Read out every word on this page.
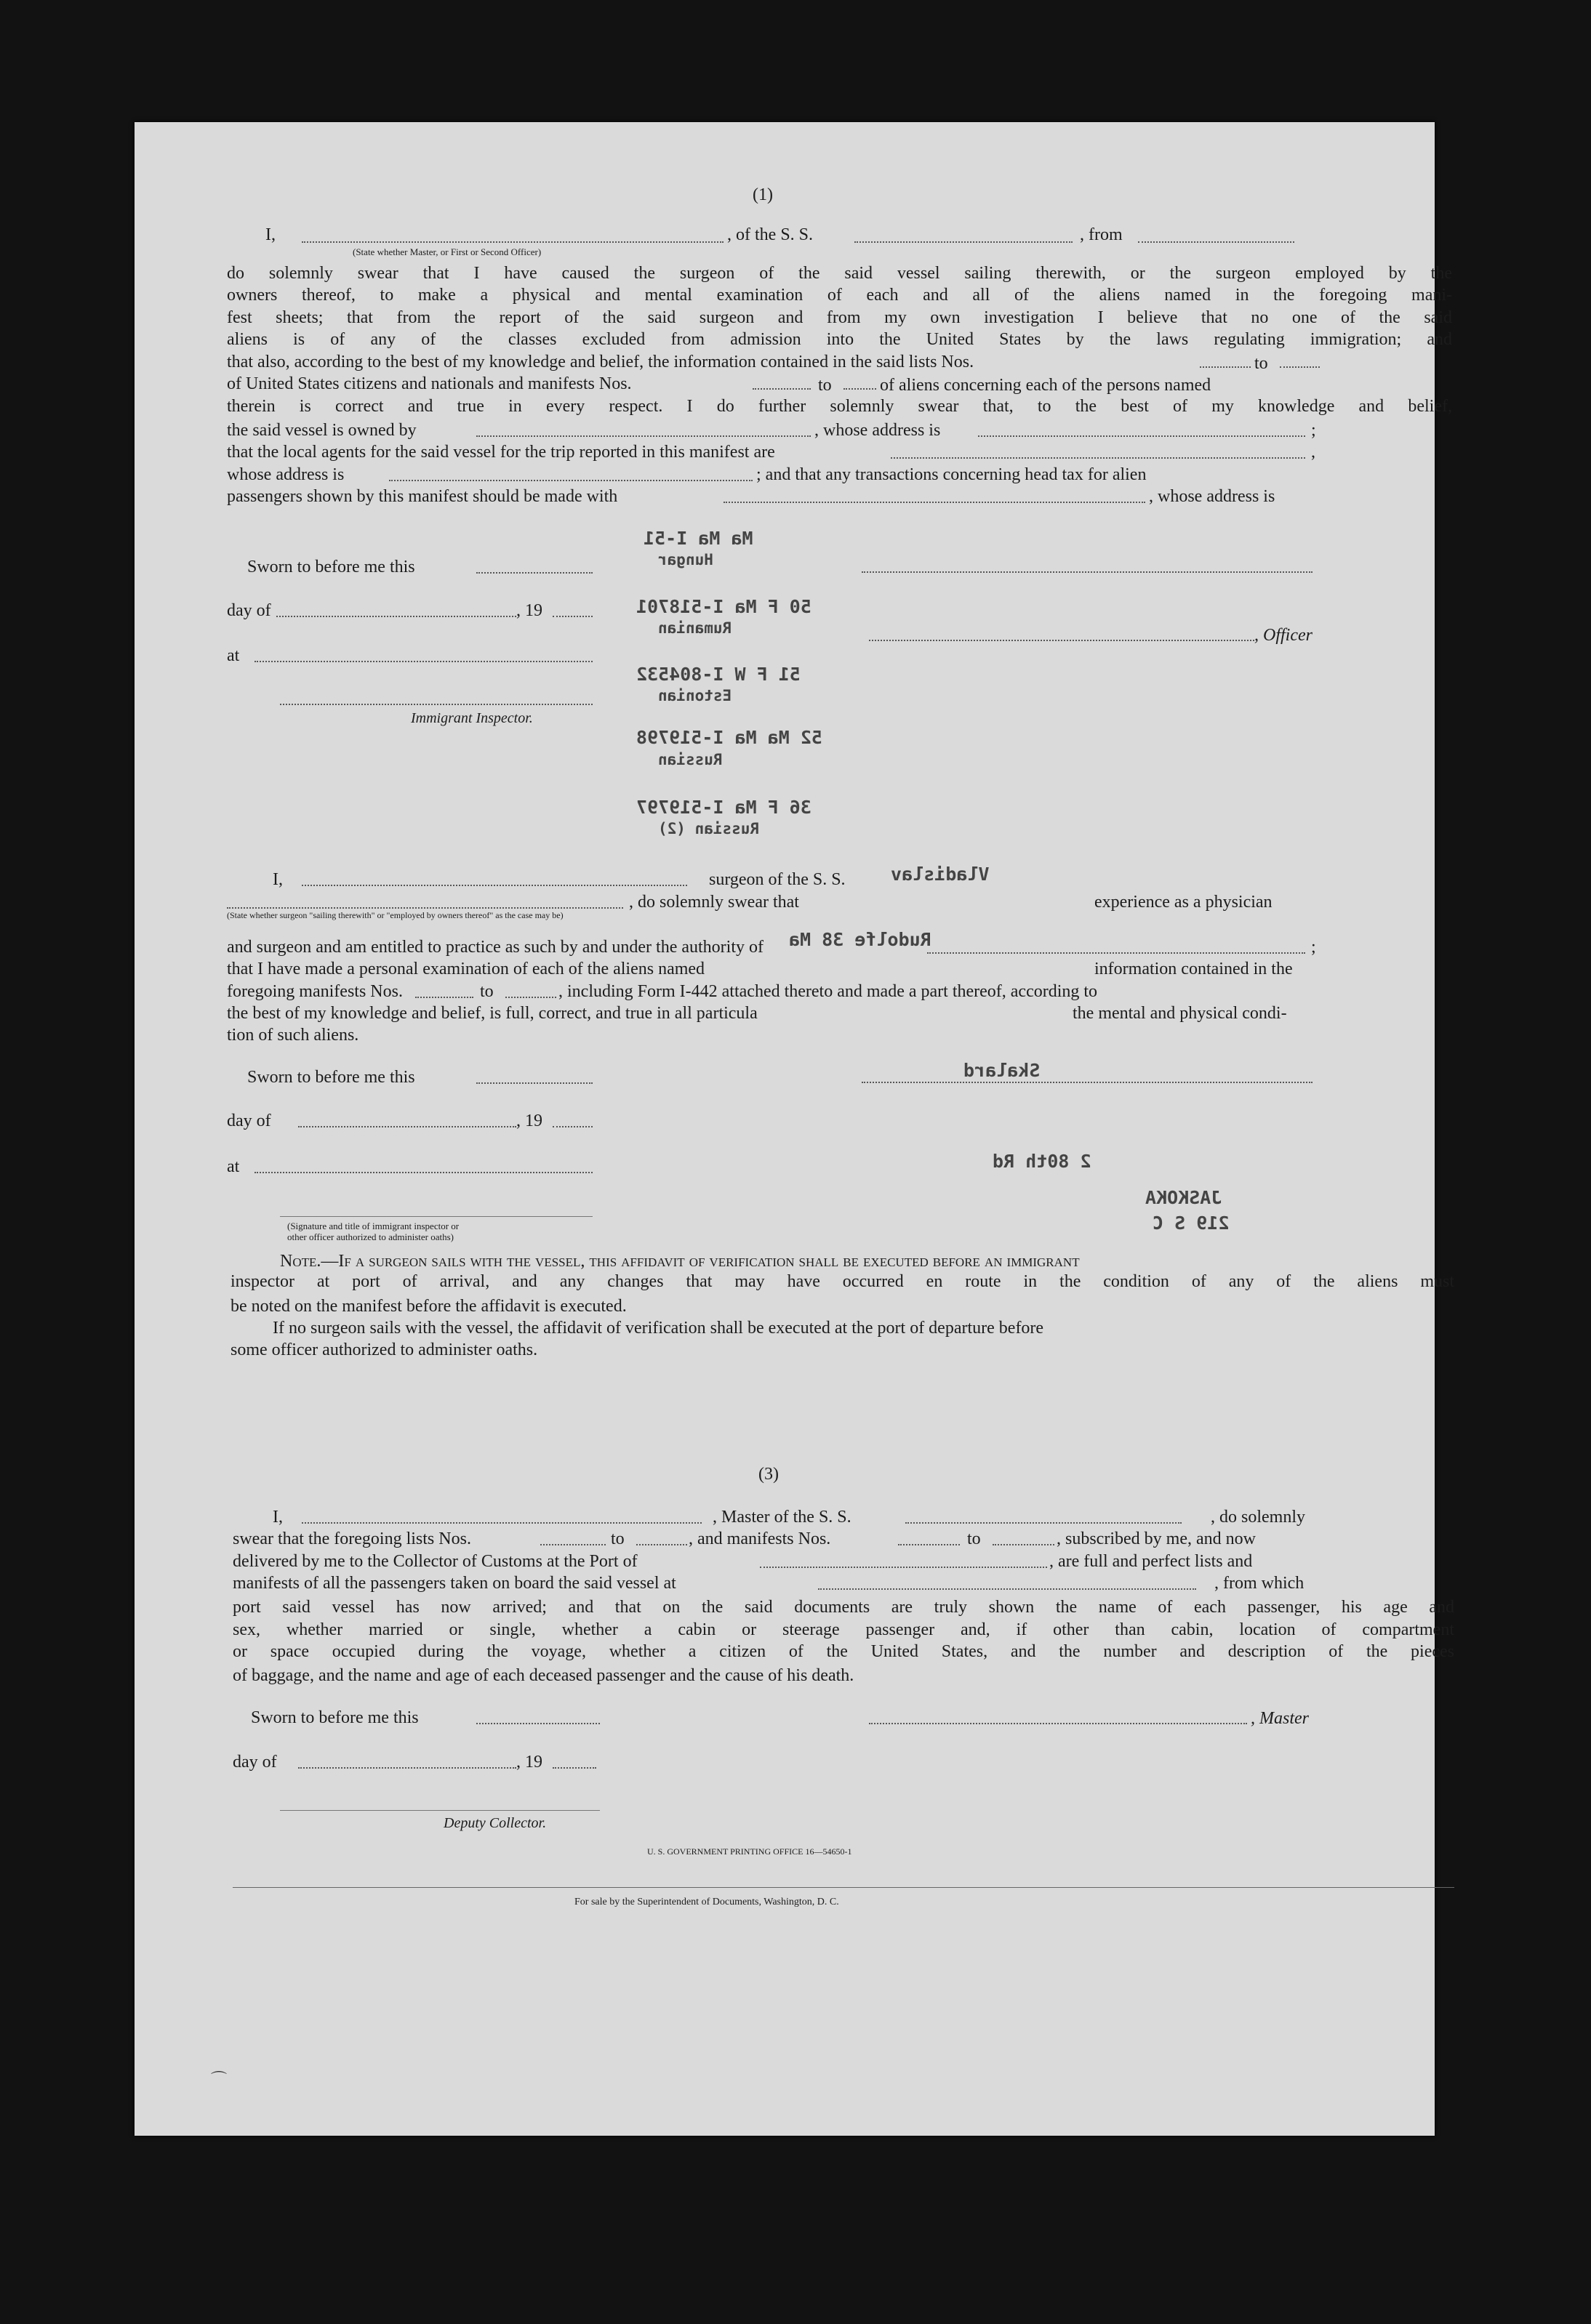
Ma Ma I-51
Hungar
50 F Ma I-518701
Rumanian
51 F W I-804532
Estonian
52 Ma Ma I-519798
Russian
36 F Ma I-519797
Russian (2)
Vladislav
Rudolfe 38 Ma
Skalard
2 80th Rd
JASKOKA
219 S C
(1)
I,	, of the S. S.	, from
(State whether Master, or First or Second Officer)
do solemnly swear that I have caused the surgeon of the said vessel sailing therewith, or the surgeon employed by the
owners thereof, to make a physical and mental examination of each and all of the aliens named in the foregoing mani-
fest sheets; that from the report of the said surgeon and from my own investigation I believe that no one of the said
aliens is of any of the classes excluded from admission into the United States by the laws regulating immigration; and
that also, according to the best of my knowledge and belief, the information contained in the said lists Nos.	to
of United States citizens and nationals and manifests Nos.	to	of aliens concerning each of the persons named
therein is correct and true in every respect. I do further solemnly swear that, to the best of my knowledge and belief,
the said vessel is owned by	, whose address is	;
that the local agents for the said vessel for the trip reported in this manifest are	,
whose address is	; and that any transactions concerning head tax for alien
passengers shown by this manifest should be made with	, whose address is
Sworn to before me this
day of	, 19
, Officer
at
Immigrant Inspector.
I,	surgeon of the S. S.
, do solemnly swear that	experience as a physician
(State whether surgeon "sailing therewith" or "employed by owners thereof" as the case may be)
and surgeon and am entitled to practice as such by and under the authority of	;
that I have made a personal examination of each of the aliens named	information contained in the
foregoing manifests Nos.	to	, including Form I-442 attached thereto and made a part thereof, according to
the best of my knowledge and belief, is full, correct, and true in all particula	the mental and physical condi-
tion of such aliens.
Sworn to before me this
day of	, 19
at
(Signature and title of immigrant inspector or
other officer authorized to administer oaths)
Note.—If a surgeon sails with the vessel, this affidavit of verification shall be executed before an immigrant
inspector at port of arrival, and any changes that may have occurred en route in the condition of any of the aliens must
be noted on the manifest before the affidavit is executed.
If no surgeon sails with the vessel, the affidavit of verification shall be executed at the port of departure before
some officer authorized to administer oaths.
(3)
I,	, Master of the S. S.	, do solemnly
swear that the foregoing lists Nos.	to	, and manifests Nos.	to	, subscribed by me, and now
delivered by me to the Collector of Customs at the Port of	, are full and perfect lists and
manifests of all the passengers taken on board the said vessel at	, from which
port said vessel has now arrived; and that on the said documents are truly shown the name of each passenger, his age and
sex, whether married or single, whether a cabin or steerage passenger and, if other than cabin, location of compartment
or space occupied during the voyage, whether a citizen of the United States, and the number and description of the pieces
of baggage, and the name and age of each deceased passenger and the cause of his death.
Sworn to before me this	, Master
day of	, 19
Deputy Collector.
U. S. GOVERNMENT PRINTING OFFICE 16—54650-1
For sale by the Superintendent of Documents, Washington, D. C.
⌒
